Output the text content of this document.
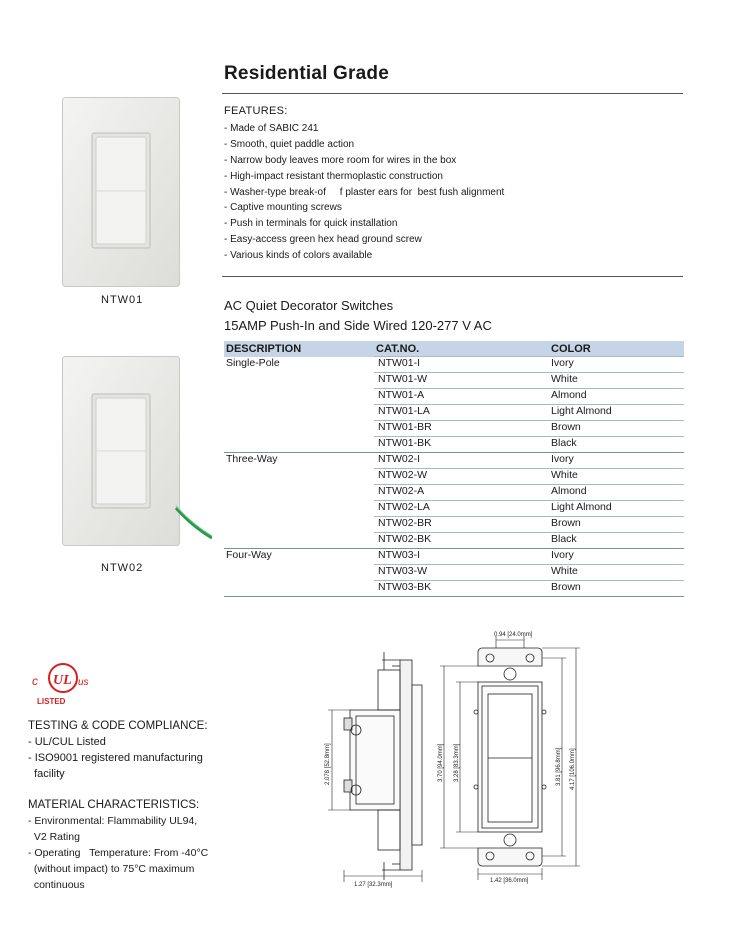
Residential Grade
FEATURES:
- Made of SABIC 241
- Smooth, quiet paddle action
- Narrow body leaves more room for wires in the box
- High-impact resistant thermoplastic construction
- Washer-type break-of     f plaster ears for  best fush alignment
- Captive mounting screws
- Push in terminals for quick installation
- Easy-access green hex head ground screw
- Various kinds of colors available
NTW01
NTW02
AC Quiet Decorator Switches
15AMP Push-In and Side Wired 120-277 V AC
DESCRIPTION	CAT.NO.	COLOR
Single-Pole	NTW01-I	Ivory
	NTW01-W	White
	NTW01-A	Almond
	NTW01-LA	Light Almond
	NTW01-BR	Brown
	NTW01-BK	Black
Three-Way	NTW02-I	Ivory
	NTW02-W	White
	NTW02-A	Almond
	NTW02-LA	Light Almond
	NTW02-BR	Brown
	NTW02-BK	Black
Four-Way	NTW03-I	Ivory
	NTW03-W	White
	NTW03-BK	Brown
c UL us
LISTED
TESTING & CODE COMPLIANCE:
- UL/CUL Listed
- ISO9001 registered manufacturing
facility
MATERIAL CHARACTERISTICS:
- Environmental: Flammability UL94,
V2 Rating
- Operating   Temperature: From -40°C
(without impact) to 75°C maximum
continuous
2.078 [52.8mm]
1.27 [32.3mm]
0.94 [24.0mm]
3.70 [94.0mm] 3.28 [83.3mm]	3.81 [96.8mm] 4.17 [106.0mm]
1.42 [36.0mm]
